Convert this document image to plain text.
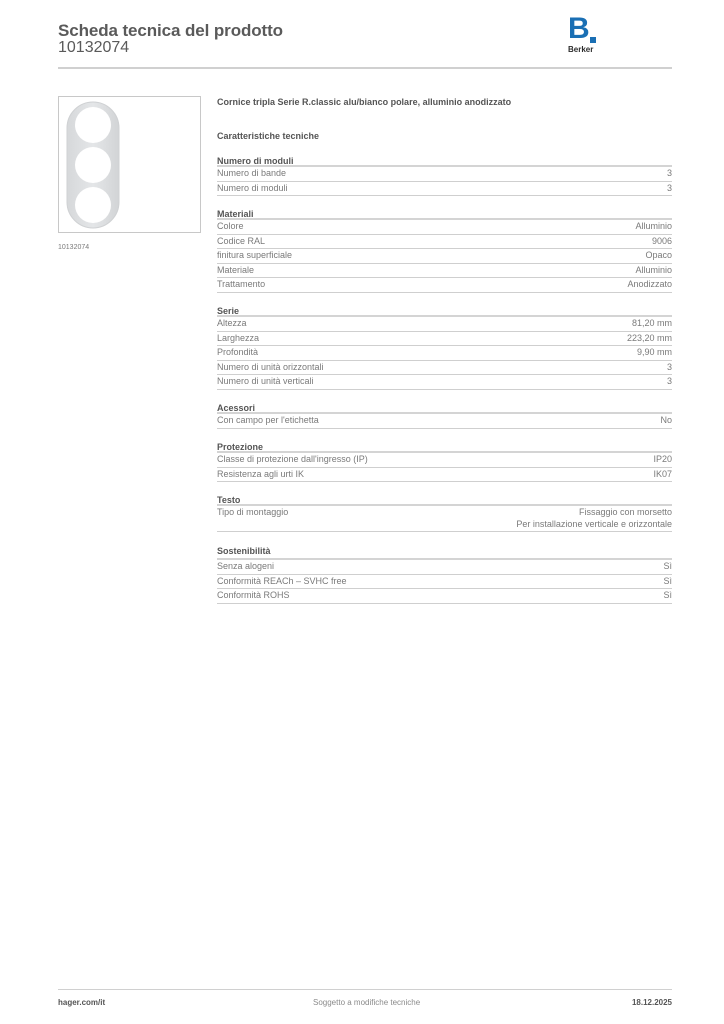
Scheda tecnica del prodotto
10132074
B
Berker
10132074
Cornice tripla Serie R.classic alu/bianco polare, alluminio anodizzato
Caratteristiche tecniche
Numero di moduli
Numero di bande	3
Numero di moduli	3
Materiali
Colore	Alluminio
Codice RAL	9006
finitura superficiale	Opaco
Materiale	Alluminio
Trattamento	Anodizzato
Serie
Altezza	81,20 mm
Larghezza	223,20 mm
Profondità	9,90 mm
Numero di unità orizzontali	3
Numero di unità verticali	3
Acessori
Con campo per l'etichetta	No
Protezione
Classe di protezione dall'ingresso (IP)	IP20
Resistenza agli urti IK	IK07
Testo
Tipo di montaggio	Fissaggio con morsetto
Per installazione verticale e orizzontale
Sostenibilità
Senza alogeni	Sì
Conformità REACh – SVHC free	Sì
Conformità ROHS	Sì
hager.com/it	Soggetto a modifiche tecniche	18.12.2025
